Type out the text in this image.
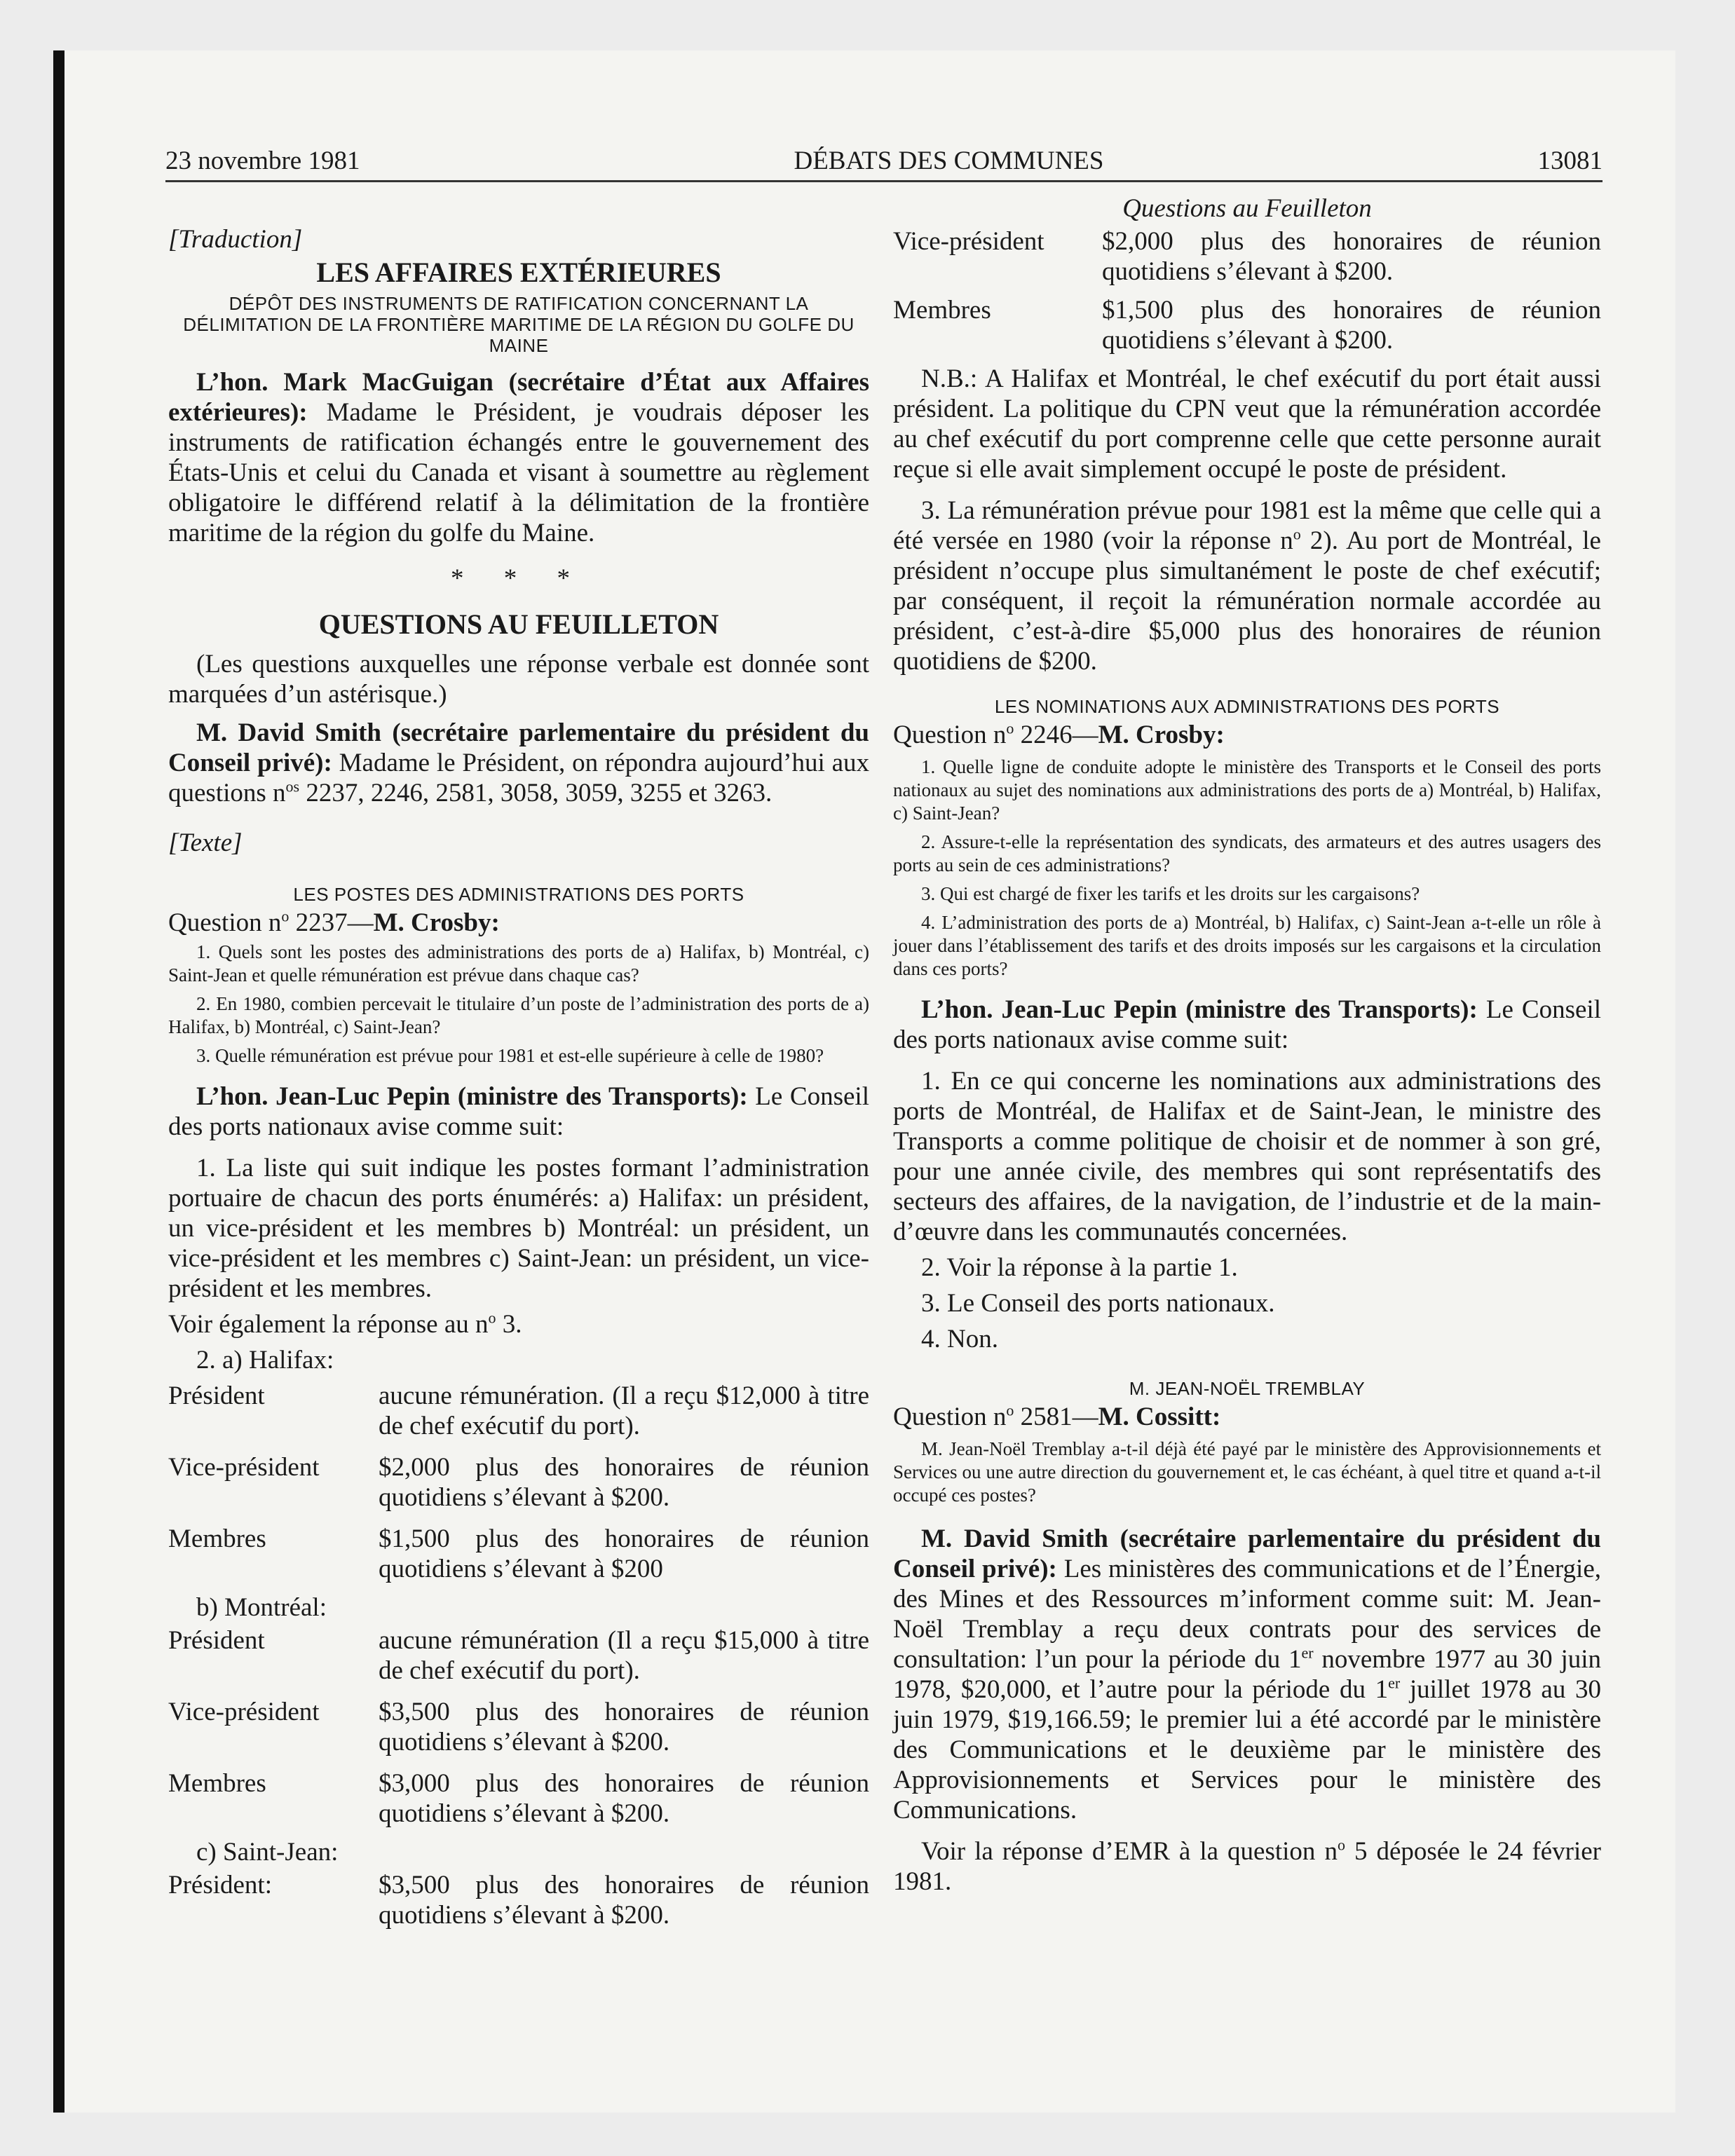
23 novembre 1981	DÉBATS DES COMMUNES	13081

[Traduction]

LES AFFAIRES EXTÉRIEURES

DÉPÔT DES INSTRUMENTS DE RATIFICATION CONCERNANT LA DÉLIMITATION DE LA FRONTIÈRE MARITIME DE LA RÉGION DU GOLFE DU MAINE

L’hon. Mark MacGuigan (secrétaire d’État aux Affaires extérieures): Madame le Président, je voudrais déposer les instruments de ratification échangés entre le gouvernement des États-Unis et celui du Canada et visant à soumettre au règlement obligatoire le différend relatif à la délimitation de la frontière maritime de la région du golfe du Maine.

* * *

QUESTIONS AU FEUILLETON

(Les questions auxquelles une réponse verbale est donnée sont marquées d’un astérisque.)

M. David Smith (secrétaire parlementaire du président du Conseil privé): Madame le Président, on répondra aujourd’hui aux questions $n^{os}$ 2237, 2246, 2581, 3058, 3059, 3255 et 3263.

[Texte]

LES POSTES DES ADMINISTRATIONS DES PORTS

Question $n^o$ 2237—M. Crosby:

1. Quels sont les postes des administrations des ports de a) Halifax, b) Montréal, c) Saint-Jean et quelle rémunération est prévue dans chaque cas?

2. En 1980, combien percevait le titulaire d’un poste de l’administration des ports de a) Halifax, b) Montréal, c) Saint-Jean?

3. Quelle rémunération est prévue pour 1981 et est-elle supérieure à celle de 1980?

L’hon. Jean-Luc Pepin (ministre des Transports): Le Conseil des ports nationaux avise comme suit:

1. La liste qui suit indique les postes formant l’administration portuaire de chacun des ports énumérés: a) Halifax: un président, un vice-président et les membres b) Montréal: un président, un vice-président et les membres c) Saint-Jean: un président, un vice-président et les membres.

Voir également la réponse au $n^o$ 3.

2. a) Halifax:

Président	aucune rémunération. (Il a reçu $12,000 à titre de chef exécutif du port).
Vice-président	$2,000 plus des honoraires de réunion quotidiens s’élevant à $200.
Membres	$1,500 plus des honoraires de réunion quotidiens s’élevant à $200

b) Montréal:

Président	aucune rémunération (Il a reçu $15,000 à titre de chef exécutif du port).
Vice-président	$3,500 plus des honoraires de réunion quotidiens s’élevant à $200.
Membres	$3,000 plus des honoraires de réunion quotidiens s’élevant à $200.

c) Saint-Jean:

Président:	$3,500 plus des honoraires de réunion quotidiens s’élevant à $200.

Questions au Feuilleton

Vice-président	$2,000 plus des honoraires de réunion quotidiens s’élevant à $200.
Membres	$1,500 plus des honoraires de réunion quotidiens s’élevant à $200.

N.B.: A Halifax et Montréal, le chef exécutif du port était aussi président. La politique du CPN veut que la rémunération accordée au chef exécutif du port comprenne celle que cette personne aurait reçue si elle avait simplement occupé le poste de président.

3. La rémunération prévue pour 1981 est la même que celle qui a été versée en 1980 (voir la réponse $n^o$ 2). Au port de Montréal, le président n’occupe plus simultanément le poste de chef exécutif; par conséquent, il reçoit la rémunération normale accordée au président, c’est-à-dire $5,000 plus des honoraires de réunion quotidiens de $200.

LES NOMINATIONS AUX ADMINISTRATIONS DES PORTS

Question $n^o$ 2246—M. Crosby:

1. Quelle ligne de conduite adopte le ministère des Transports et le Conseil des ports nationaux au sujet des nominations aux administrations des ports de a) Montréal, b) Halifax, c) Saint-Jean?

2. Assure-t-elle la représentation des syndicats, des armateurs et des autres usagers des ports au sein de ces administrations?

3. Qui est chargé de fixer les tarifs et les droits sur les cargaisons?

4. L’administration des ports de a) Montréal, b) Halifax, c) Saint-Jean a-t-elle un rôle à jouer dans l’établissement des tarifs et des droits imposés sur les cargaisons et la circulation dans ces ports?

L’hon. Jean-Luc Pepin (ministre des Transports): Le Conseil des ports nationaux avise comme suit:

1. En ce qui concerne les nominations aux administrations des ports de Montréal, de Halifax et de Saint-Jean, le ministre des Transports a comme politique de choisir et de nommer à son gré, pour une année civile, des membres qui sont représentatifs des secteurs des affaires, de la navigation, de l’industrie et de la main-d’œuvre dans les communautés concernées.

2. Voir la réponse à la partie 1.

3. Le Conseil des ports nationaux.

4. Non.

M. JEAN-NOËL TREMBLAY

Question $n^o$ 2581—M. Cossitt:

M. Jean-Noël Tremblay a-t-il déjà été payé par le ministère des Approvisionnements et Services ou une autre direction du gouvernement et, le cas échéant, à quel titre et quand a-t-il occupé ces postes?

M. David Smith (secrétaire parlementaire du président du Conseil privé): Les ministères des communications et de l’Énergie, des Mines et des Ressources m’informent comme suit: M. Jean-Noël Tremblay a reçu deux contrats pour des services de consultation: l’un pour la période du 1er novembre 1977 au 30 juin 1978, $20,000, et l’autre pour la période du 1er juillet 1978 au 30 juin 1979, $19,166.59; le premier lui a été accordé par le ministère des Communications et le deuxième par le ministère des Approvisionnements et Services pour le ministère des Communications.

Voir la réponse d’EMR à la question $n^o$ 5 déposée le 24 février 1981.
